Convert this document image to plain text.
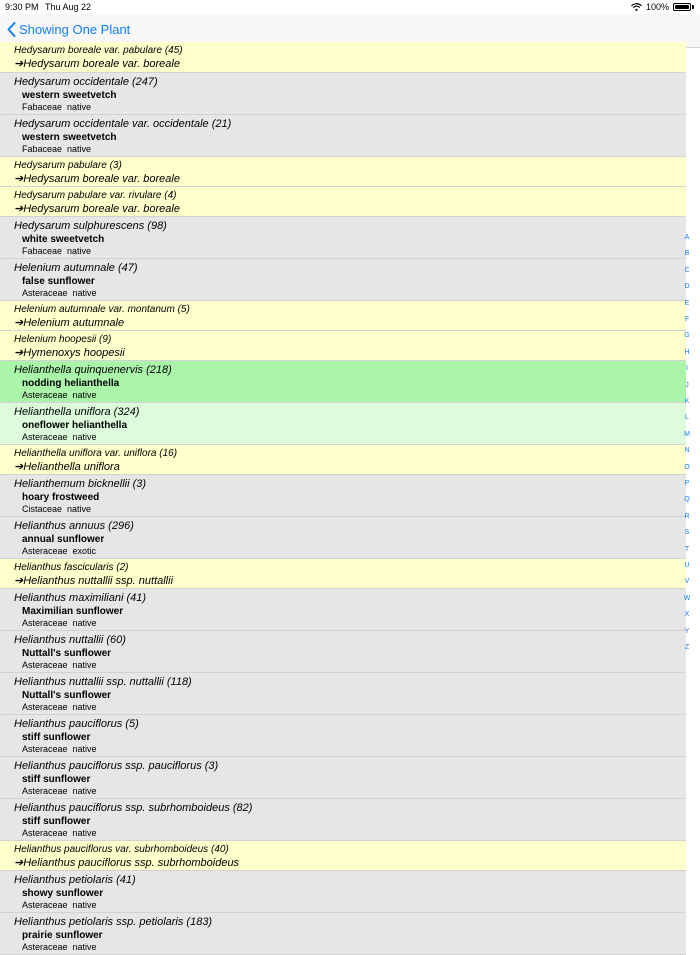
9:30 PM Thu Aug 22	100%
Showing One Plant
Hedysarum boreale var. pabulare (45)
➔Hedysarum boreale var. boreale
Hedysarum occidentale (247)
western sweetvetch
Fabaceae native
Hedysarum occidentale var. occidentale (21)
western sweetvetch
Fabaceae native
Hedysarum pabulare (3)
➔Hedysarum boreale var. boreale
Hedysarum pabulare var. rivulare (4)
➔Hedysarum boreale var. boreale
Hedysarum sulphurescens (98)
white sweetvetch
Fabaceae native
Helenium autumnale (47)
false sunflower
Asteraceae native
Helenium autumnale var. montanum (5)
➔Helenium autumnale
Helenium hoopesii (9)
➔Hymenoxys hoopesii
Helianthella quinquenervis (218)
nodding helianthella
Asteraceae native
Helianthella uniflora (324)
oneflower helianthella
Asteraceae native
Helianthella uniflora var. uniflora (16)
➔Helianthella uniflora
Helianthemum bicknellii (3)
hoary frostweed
Cistaceae native
Helianthus annuus (296)
annual sunflower
Asteraceae exotic
Helianthus fascicularis (2)
➔Helianthus nuttallii ssp. nuttallii
Helianthus maximiliani (41)
Maximilian sunflower
Asteraceae native
Helianthus nuttallii (60)
Nuttall's sunflower
Asteraceae native
Helianthus nuttallii ssp. nuttallii (118)
Nuttall's sunflower
Asteraceae native
Helianthus pauciflorus (5)
stiff sunflower
Asteraceae native
Helianthus pauciflorus ssp. pauciflorus (3)
stiff sunflower
Asteraceae native
Helianthus pauciflorus ssp. subrhomboideus (82)
stiff sunflower
Asteraceae native
Helianthus pauciflorus var. subrhomboideus (40)
➔Helianthus pauciflorus ssp. subrhomboideus
Helianthus petiolaris (41)
showy sunflower
Asteraceae native
Helianthus petiolaris ssp. petiolaris (183)
prairie sunflower
Asteraceae native
A
B
C
D
E
F
G
H
I
J
K
L
M
N
O
P
Q
R
S
T
U
V
W
X
Y
Z
